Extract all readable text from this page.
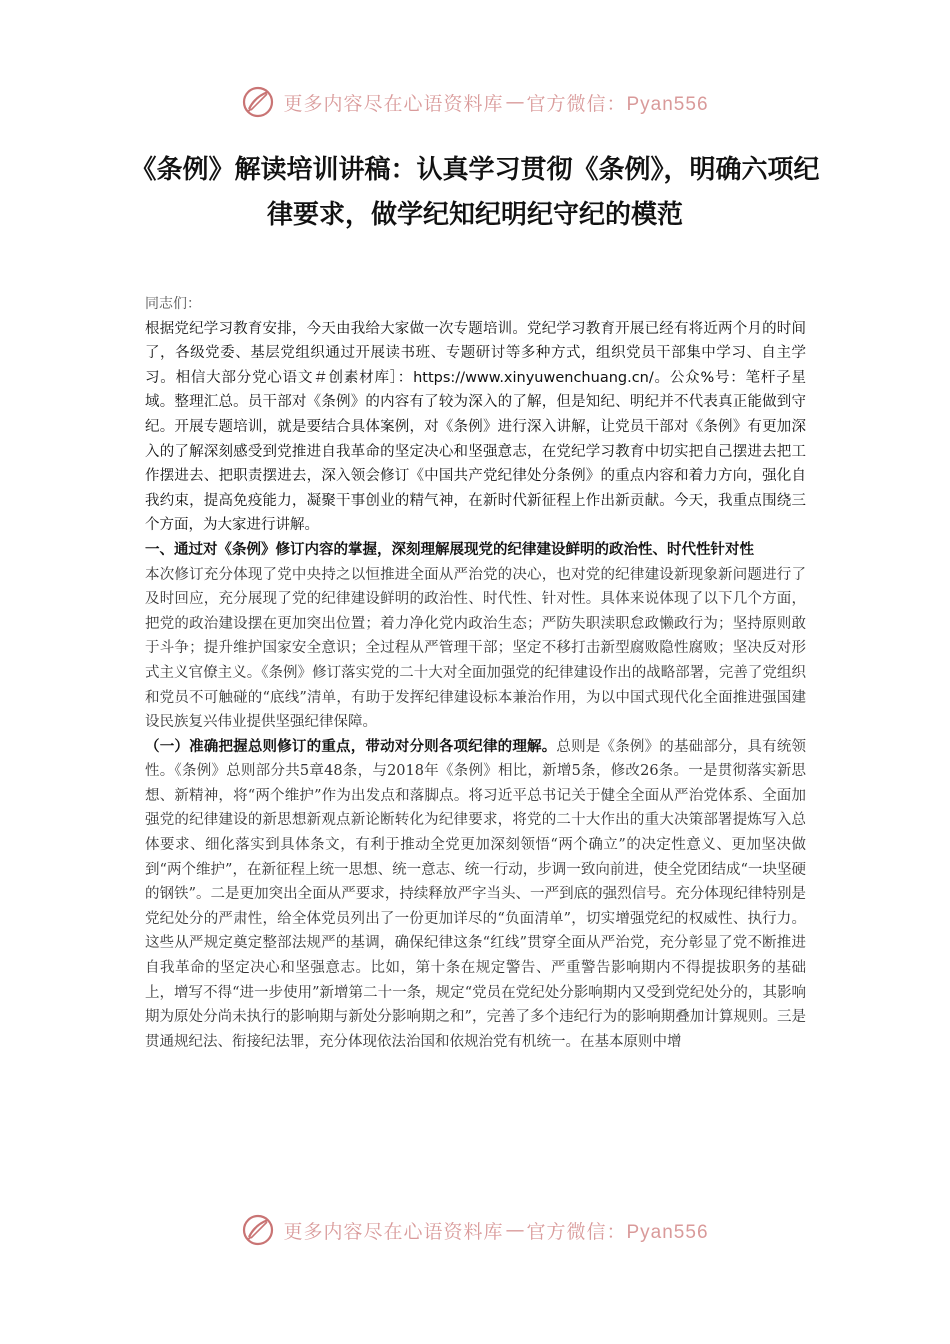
更多内容尽在心语资料库 — 官方微信：Pyan556
《条例》解读培训讲稿：认真学习贯彻《条例》，明确六项纪律要求，做学纪知纪明纪守纪的模范

同志们：

根据党纪学习教育安排，今天由我给大家做一次专题培训。党纪学习教育开展已经有将近两个月的时间了，各级党委、基层党组织通过开展读书班、专题研讨等多种方式，组织党员干部集中学习、自主学习。相信大部分党心语文＃创素材库］：https://www.xinyuwenchuang.cn/。公众%号：笔杆子星域。整理汇总。员干部对《条例》的内容有了较为深入的了解，但是知纪、明纪并不代表真正能做到守纪。开展专题培训，就是要结合具体案例，对《条例》进行深入讲解，让党员干部对《条例》有更加深入的了解深刻感受到党推进自我革命的坚定决心和坚强意志，在党纪学习教育中切实把自己摆进去把工作摆进去、把职责摆进去，深入领会修订《中国共产党纪律处分条例》的重点内容和着力方向，强化自我约束，提高免疫能力，凝聚干事创业的精气神，在新时代新征程上作出新贡献。今天，我重点围绕三个方面，为大家进行讲解。

一、通过对《条例》修订内容的掌握，深刻理解展现党的纪律建设鲜明的政治性、时代性针对性

本次修订充分体现了党中央持之以恒推进全面从严治党的决心，也对党的纪律建设新现象新问题进行了及时回应，充分展现了党的纪律建设鲜明的政治性、时代性、针对性。具体来说体现了以下几个方面，把党的政治建设摆在更加突出位置；着力净化党内政治生态；严防失职渎职怠政懒政行为；坚持原则敢于斗争；提升维护国家安全意识；全过程从严管理干部；坚定不移打击新型腐败隐性腐败；坚决反对形式主义官僚主义。《条例》修订落实党的二十大对全面加强党的纪律建设作出的战略部署，完善了党组织和党员不可触碰的“底线”清单，有助于发挥纪律建设标本兼治作用，为以中国式现代化全面推进强国建设民族复兴伟业提供坚强纪律保障。

（一）准确把握总则修订的重点，带动对分则各项纪律的理解。总则是《条例》的基础部分，具有统领性。《条例》总则部分共5章48条，与2018年《条例》相比，新增5条，修改26条。一是贯彻落实新思想、新精神，将“两个维护”作为出发点和落脚点。将习近平总书记关于健全全面从严治党体系、全面加强党的纪律建设的新思想新观点新论断转化为纪律要求，将党的二十大作出的重大决策部署提炼写入总体要求、细化落实到具体条文，有利于推动全党更加深刻领悟“两个确立”的决定性意义、更加坚决做到“两个维护”，在新征程上统一思想、统一意志、统一行动，步调一致向前进，使全党团结成“一块坚硬的钢铁”。二是更加突出全面从严要求，持续释放严字当头、一严到底的强烈信号。充分体现纪律特别是党纪处分的严肃性，给全体党员列出了一份更加详尽的“负面清单”，切实增强党纪的权威性、执行力。这些从严规定奠定整部法规严的基调，确保纪律这条“红线”贯穿全面从严治党，充分彰显了党不断推进自我革命的坚定决心和坚强意志。比如，第十条在规定警告、严重警告影响期内不得提拔职务的基础上，增写不得“进一步使用”新增第二十一条，规定“党员在党纪处分影响期内又受到党纪处分的，其影响期为原处分尚未执行的影响期与新处分影响期之和”，完善了多个违纪行为的影响期叠加计算规则。三是贯通规纪法、衔接纪法罪，充分体现依法治国和依规治党有机统一。在基本原则中增

更多内容尽在心语资料库 — 官方微信：Pyan556
